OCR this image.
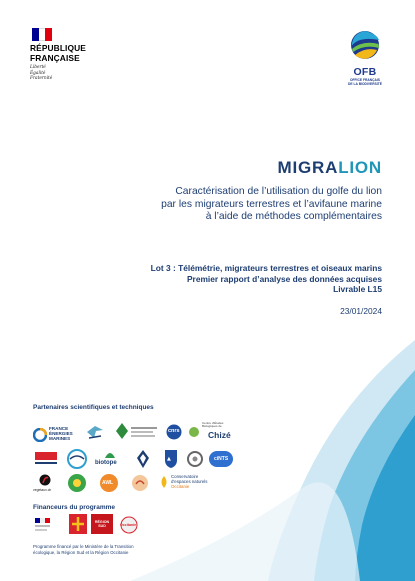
RÉPUBLIQUE
FRANÇAISE
Liberté
Égalité
Fraternité
OFB
OFFICE FRANÇAIS
DE LA BIODIVERSITÉ
MIGRALION
Caractérisation de l’utilisation du golfe du lion
par les migrateurs terrestres et l’avifaune marine
à l’aide de méthodes complémentaires
Lot 3 : Télémétrie, migrateurs terrestres et oiseaux marins
Premier rapport d’analyse des données acquises
Livrable L15
23/01/2024
Partenaires scientifiques et techniques
FRANCE
ÉNERGIES
MARINES
cnrs
Centre d'Études Biologiques de
Chizé
biotope
▲	ciNTS
vegetaux.ch
AWL
Conservatoire
d'espaces naturels
Occitanie
Financeurs du programme
RÉGION SUD	Occitanie
Programme financé par le Ministère de la Transition
écologique, la Région Sud et la Région Occitanie
